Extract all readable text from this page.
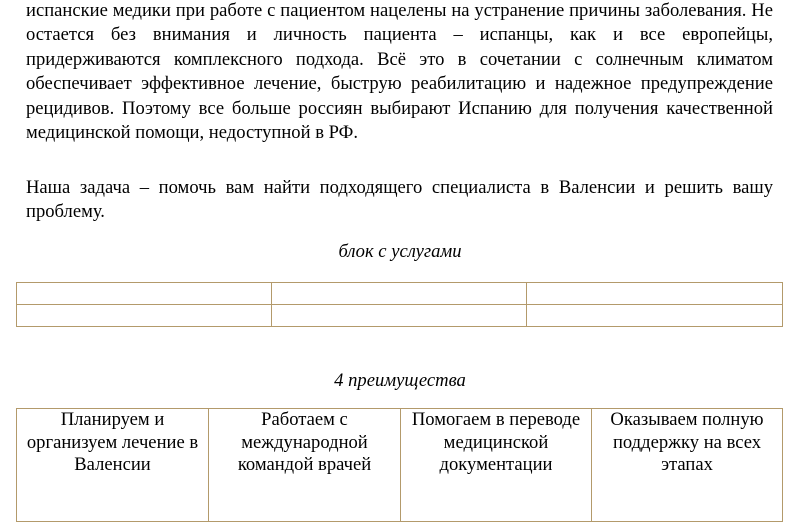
испанские медики при работе с пациентом нацелены на устранение причины заболевания. Не остается без внимания и личность пациента – испанцы, как и все европейцы, придерживаются комплексного подхода. Всё это в сочетании с солнечным климатом обеспечивает эффективное лечение, быструю реабилитацию и надежное предупреждение рецидивов. Поэтому все больше россиян выбирают Испанию для получения качественной медицинской помощи, недоступной в РФ.

Наша задача – помочь вам найти подходящего специалиста в Валенсии и решить вашу проблему.

блок с услугами

4 преимущества

Планируем и организуем лечение в Валенсии	Работаем с международной командой врачей	Помогаем в переводе медицинской документации	Оказываем полную поддержку на всех этапах
